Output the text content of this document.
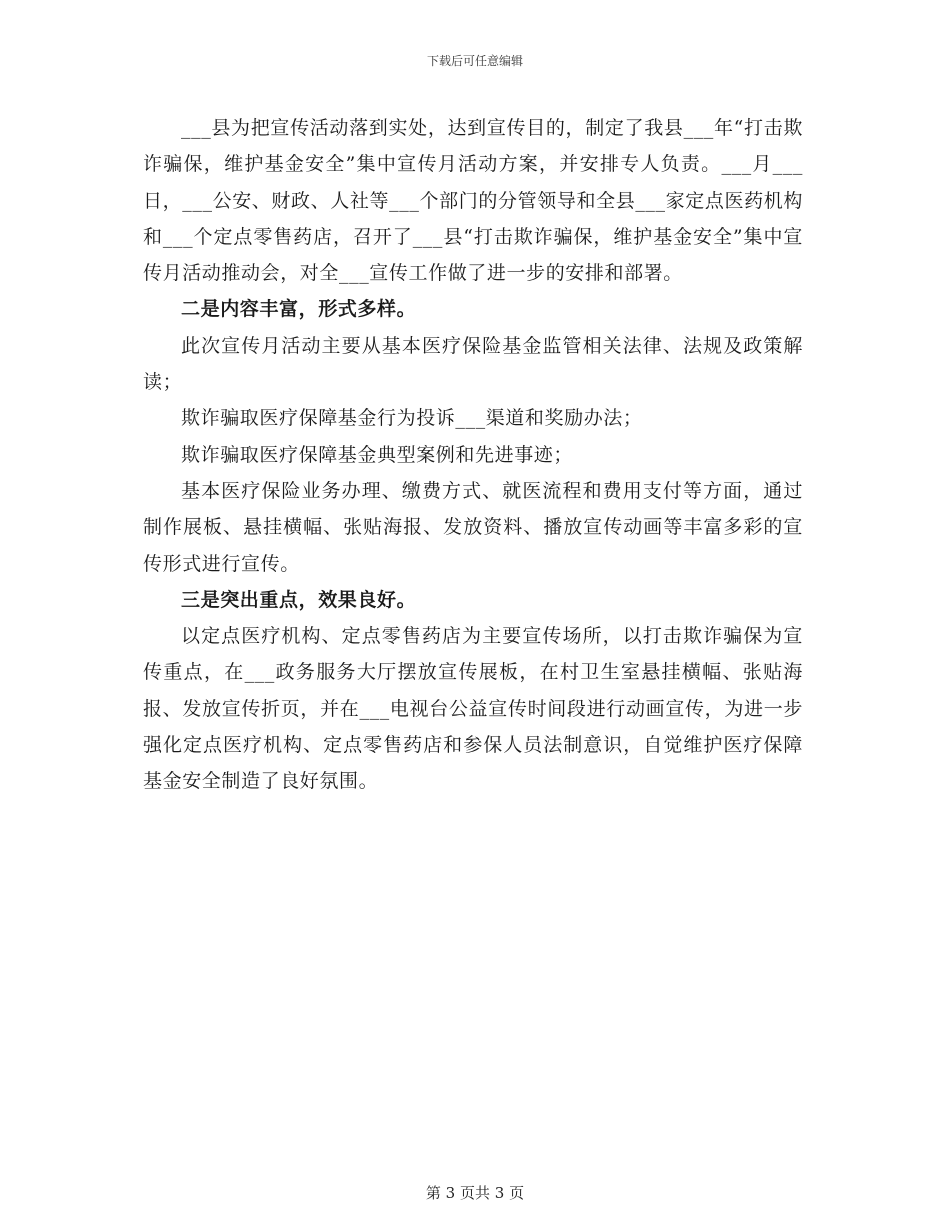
下载后可任意编辑

___县为把宣传活动落到实处，达到宣传目的，制定了我县___年“打击欺诈骗保，维护基金安全”集中宣传月活动方案，并安排专人负责。___月___日，___公安、财政、人社等___个部门的分管领导和全县___家定点医药机构和___个定点零售药店，召开了___县“打击欺诈骗保，维护基金安全”集中宣传月活动推动会，对全___宣传工作做了进一步的安排和部署。

二是内容丰富，形式多样。

此次宣传月活动主要从基本医疗保险基金监管相关法律、法规及政策解读；

欺诈骗取医疗保障基金行为投诉___渠道和奖励办法；

欺诈骗取医疗保障基金典型案例和先进事迹；

基本医疗保险业务办理、缴费方式、就医流程和费用支付等方面，通过制作展板、悬挂横幅、张贴海报、发放资料、播放宣传动画等丰富多彩的宣传形式进行宣传。

三是突出重点，效果良好。

以定点医疗机构、定点零售药店为主要宣传场所，以打击欺诈骗保为宣传重点，在___政务服务大厅摆放宣传展板，在村卫生室悬挂横幅、张贴海报、发放宣传折页，并在___电视台公益宣传时间段进行动画宣传，为进一步强化定点医疗机构、定点零售药店和参保人员法制意识，自觉维护医疗保障基金安全制造了良好氛围。

第 3 页共 3 页
